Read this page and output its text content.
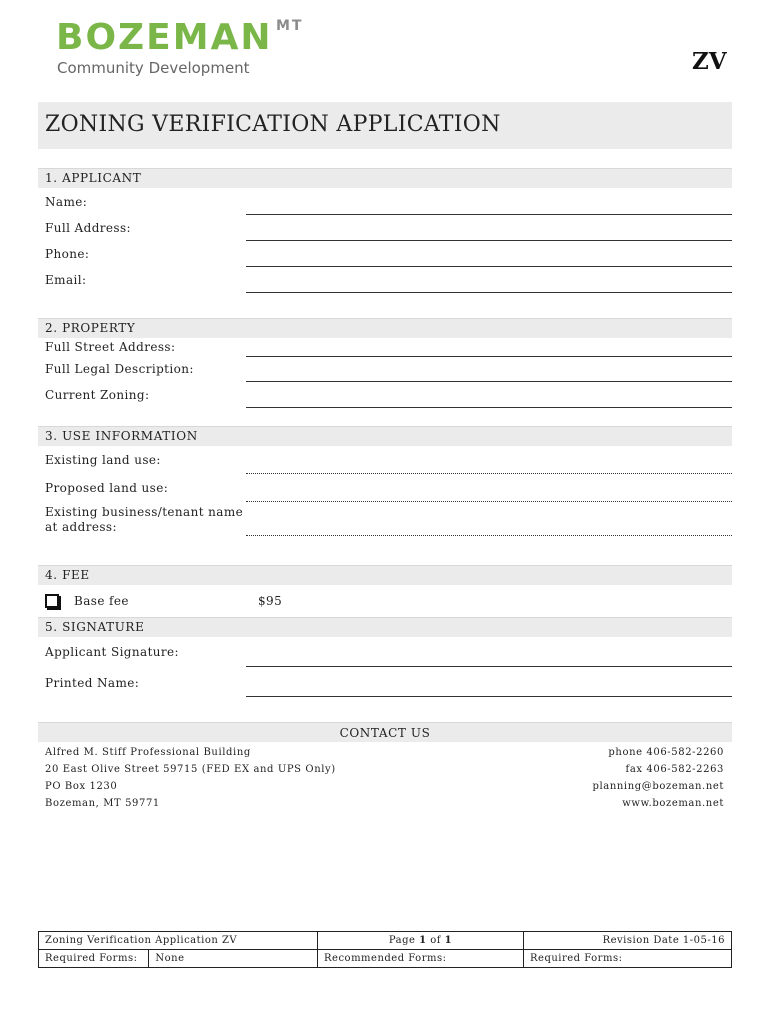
BOZEMAN MT
Community Development	ZV
ZONING VERIFICATION APPLICATION
1. APPLICANT
Name:
Full Address:
Phone:
Email:
2. PROPERTY
Full Street Address:
Full Legal Description:
Current Zoning:
3. USE INFORMATION
Existing land use:
Proposed land use:
Existing business/tenant name
at address:
4. FEE
Base fee	$95
5. SIGNATURE
Applicant Signature:
Printed Name:
CONTACT US
Alfred M. Stiff Professional Building
20 East Olive Street 59715 (FED EX and UPS Only)
PO Box 1230
Bozeman, MT 59771
phone 406-582-2260
fax 406-582-2263
planning@bozeman.net
www.bozeman.net
Zoning Verification Application ZV		Page 1 of 1	Revision Date 1-05-16
Required Forms:	None	Recommended Forms:	Required Forms:
